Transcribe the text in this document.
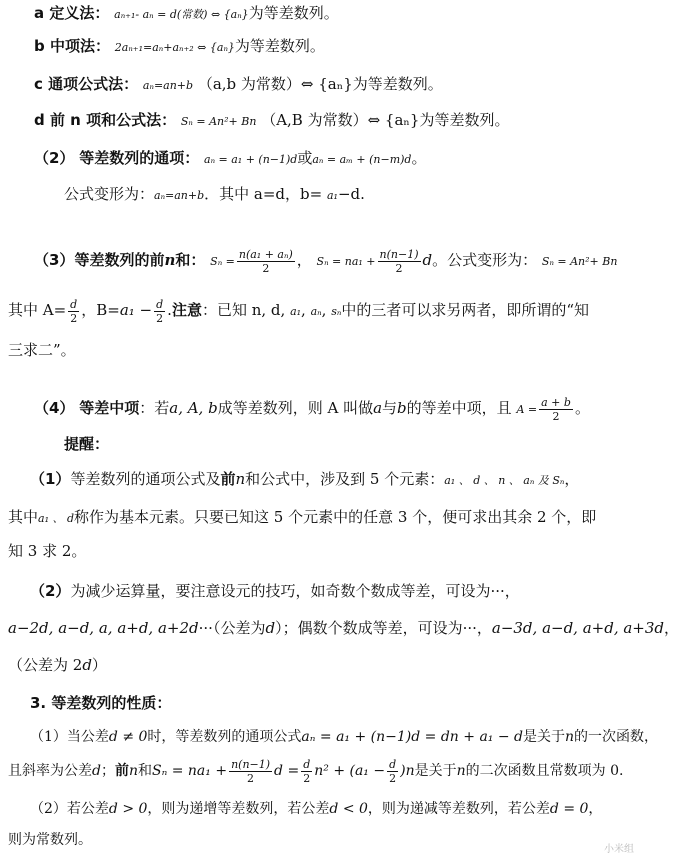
a 定义法： aₙ₊₁- aₙ = d(常数) ⇔ {aₙ}为等差数列。
b 中项法： 2aₙ₊₁=aₙ+aₙ₊₂ ⇔ {aₙ}为等差数列。
c 通项公式法： aₙ=an+b （a,b 为常数）⇔ {aₙ}为等差数列。
d 前 n 项和公式法： Sₙ = An²+ Bn （A,B 为常数）⇔ {aₙ}为等差数列。
（2） 等差数列的通项： aₙ = a₁ + (n−1)d或aₙ = aₘ + (n−m)d。
公式变形为：aₙ=an+b．其中 a=d，b= a₁−d.
（3）等差数列的前n和： $S_n = \frac{\text{n(a₁ + aₙ)}}{2}$ ， $S_n = na_1 + \frac{n(n-1)}{2}$ d。公式变形为： Sₙ = An²+ Bn
其中 $A= \frac{d}{2}$ ，$B=a_1 - \frac{d}{2}$ .注意：已知 n, d, a₁, aₙ, sₙ中的三者可以求另两者，即所谓的“知
三求二”。
（4） 等差中项：若a, A, b成等差数列，则 A 叫做a与b的等差中项，且 $A = \frac{a + b}{2}$ 。
提醒：
（1）等差数列的通项公式及前n和公式中，涉及到 5 个元素：a₁ 、 d 、 n 、 aₙ 及 Sₙ，
其中a₁ 、 d称作为基本元素。只要已知这 5 个元素中的任意 3 个，便可求出其余 2 个，即
知 3 求 2。
（2）为减少运算量，要注意设元的技巧，如奇数个数成等差，可设为···，
a−2d, a−d, a, a+d, a+2d···（公差为d）；偶数个数成等差，可设为···，a−3d, a−d, a+d, a+3d，
（公差为 2d）
3. 等差数列的性质：
（1）当公差d ≠ 0时，等差数列的通项公式aₙ = a₁ + (n−1)d = dn + a₁ − d是关于n的一次函数，
且斜率为公差d；前n和$S_n = na_1 + \frac{n(n-1)}{2}$ $d = \frac{d}{2} n^2 + (a_1 - \frac{d}{2} )n$是关于n的二次函数且常数项为 0.
（2）若公差d > 0，则为递增等差数列，若公差d < 0，则为递减等差数列，若公差d = 0，
则为常数列。
小米组
